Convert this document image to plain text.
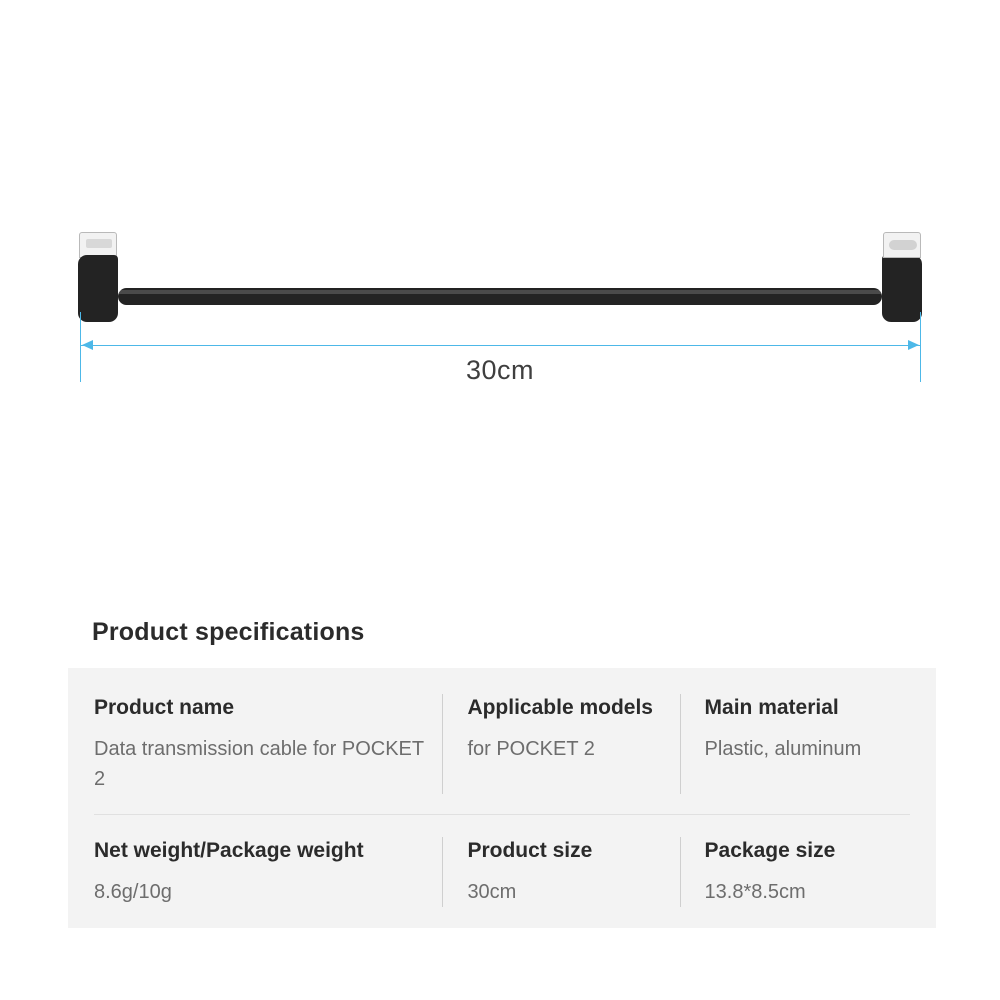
30cm
Product specifications
Product name
Data transmission cable for POCKET 2
Applicable models
for POCKET 2
Main material
Plastic, aluminum
Net weight/Package weight
8.6g/10g
Product size
30cm
Package size
13.8*8.5cm
